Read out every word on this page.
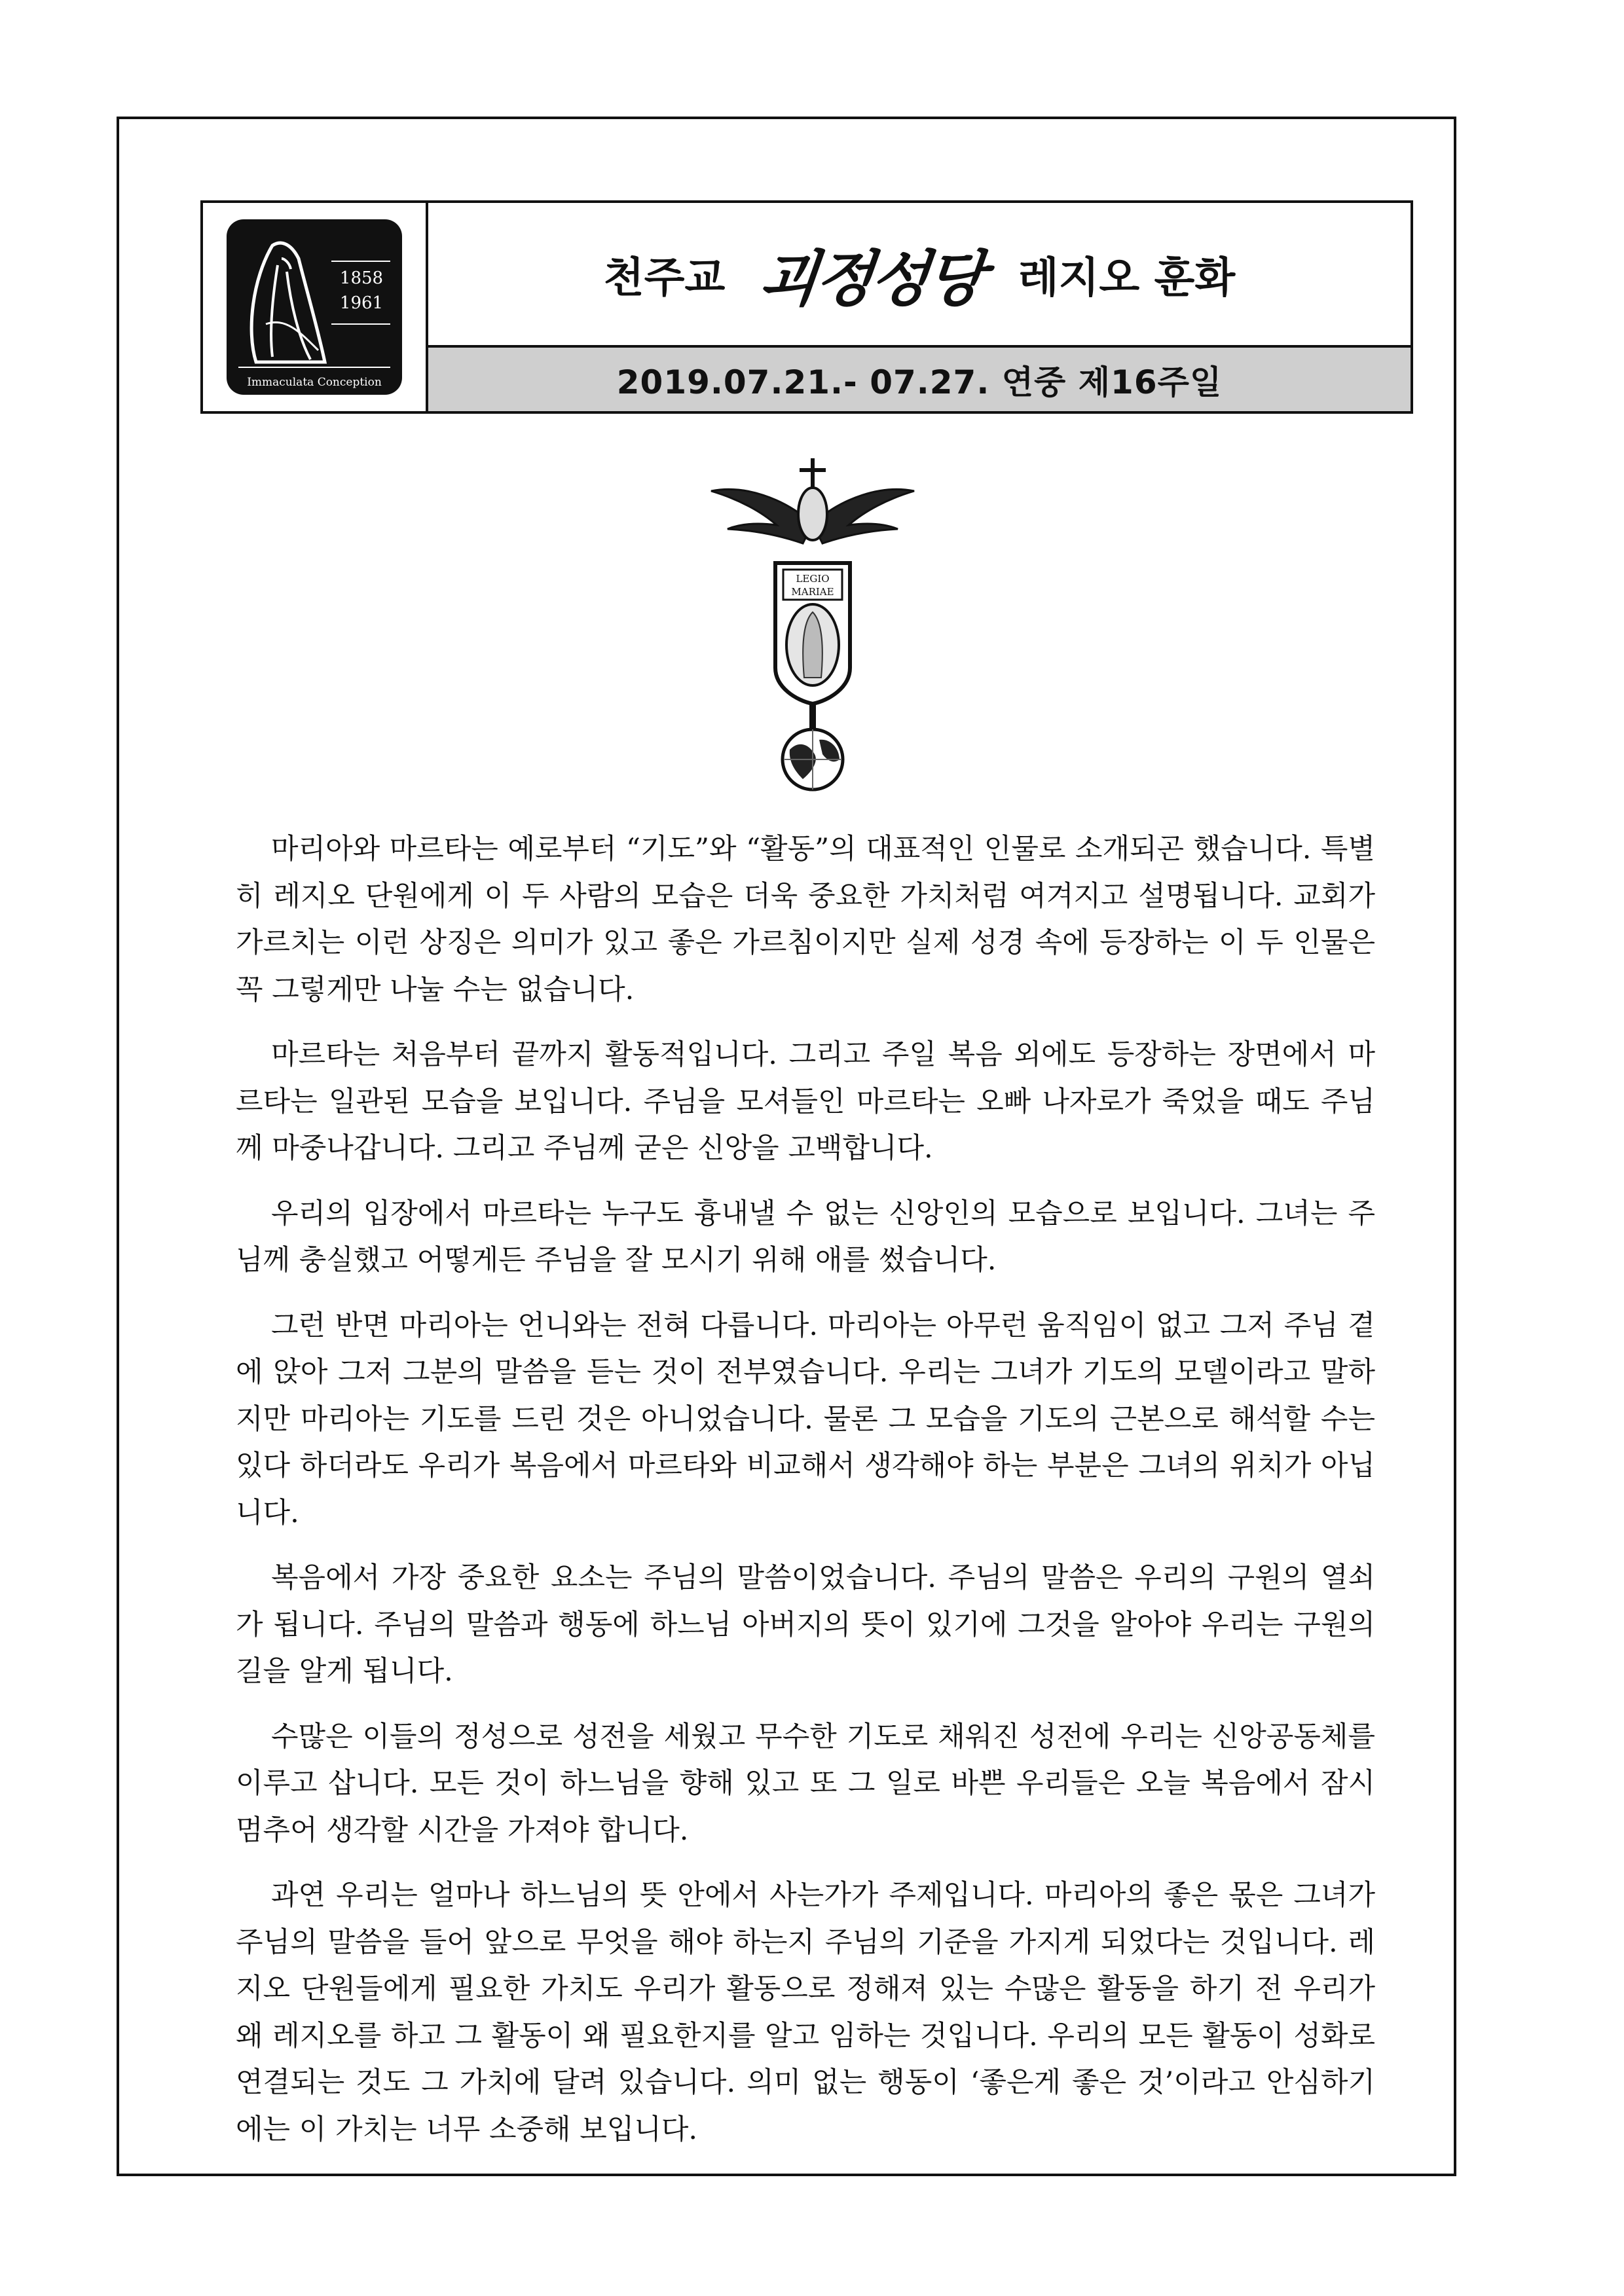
1858
1961
Immaculata Conception
천주교 괴정성당 레지오 훈화
2019.07.21.- 07.27. 연중 제16주일
LEGIO
MARIAE

마리아와 마르타는 예로부터 “기도”와 “활동”의 대표적인 인물로 소개되곤 했습니다. 특별히 레지오 단원에게 이 두 사람의 모습은 더욱 중요한 가치처럼 여겨지고 설명됩니다. 교회가 가르치는 이런 상징은 의미가 있고 좋은 가르침이지만 실제 성경 속에 등장하는 이 두 인물은 꼭 그렇게만 나눌 수는 없습니다.

마르타는 처음부터 끝까지 활동적입니다. 그리고 주일 복음 외에도 등장하는 장면에서 마르타는 일관된 모습을 보입니다. 주님을 모셔들인 마르타는 오빠 나자로가 죽었을 때도 주님께 마중나갑니다. 그리고 주님께 굳은 신앙을 고백합니다.

우리의 입장에서 마르타는 누구도 흉내낼 수 없는 신앙인의 모습으로 보입니다. 그녀는 주님께 충실했고 어떻게든 주님을 잘 모시기 위해 애를 썼습니다.

그런 반면 마리아는 언니와는 전혀 다릅니다. 마리아는 아무런 움직임이 없고 그저 주님 곁에 앉아 그저 그분의 말씀을 듣는 것이 전부였습니다. 우리는 그녀가 기도의 모델이라고 말하지만 마리아는 기도를 드린 것은 아니었습니다. 물론 그 모습을 기도의 근본으로 해석할 수는 있다 하더라도 우리가 복음에서 마르타와 비교해서 생각해야 하는 부분은 그녀의 위치가 아닙니다.

복음에서 가장 중요한 요소는 주님의 말씀이었습니다. 주님의 말씀은 우리의 구원의 열쇠가 됩니다. 주님의 말씀과 행동에 하느님 아버지의 뜻이 있기에 그것을 알아야 우리는 구원의 길을 알게 됩니다.

수많은 이들의 정성으로 성전을 세웠고 무수한 기도로 채워진 성전에 우리는 신앙공동체를 이루고 삽니다. 모든 것이 하느님을 향해 있고 또 그 일로 바쁜 우리들은 오늘 복음에서 잠시 멈추어 생각할 시간을 가져야 합니다.

과연 우리는 얼마나 하느님의 뜻 안에서 사는가가 주제입니다. 마리아의 좋은 몫은 그녀가 주님의 말씀을 들어 앞으로 무엇을 해야 하는지 주님의 기준을 가지게 되었다는 것입니다. 레지오 단원들에게 필요한 가치도 우리가 활동으로 정해져 있는 수많은 활동을 하기 전 우리가 왜 레지오를 하고 그 활동이 왜 필요한지를 알고 임하는 것입니다. 우리의 모든 활동이 성화로 연결되는 것도 그 가치에 달려 있습니다. 의미 없는 행동이 ‘좋은게 좋은 것’이라고 안심하기에는 이 가치는 너무 소중해 보입니다.
